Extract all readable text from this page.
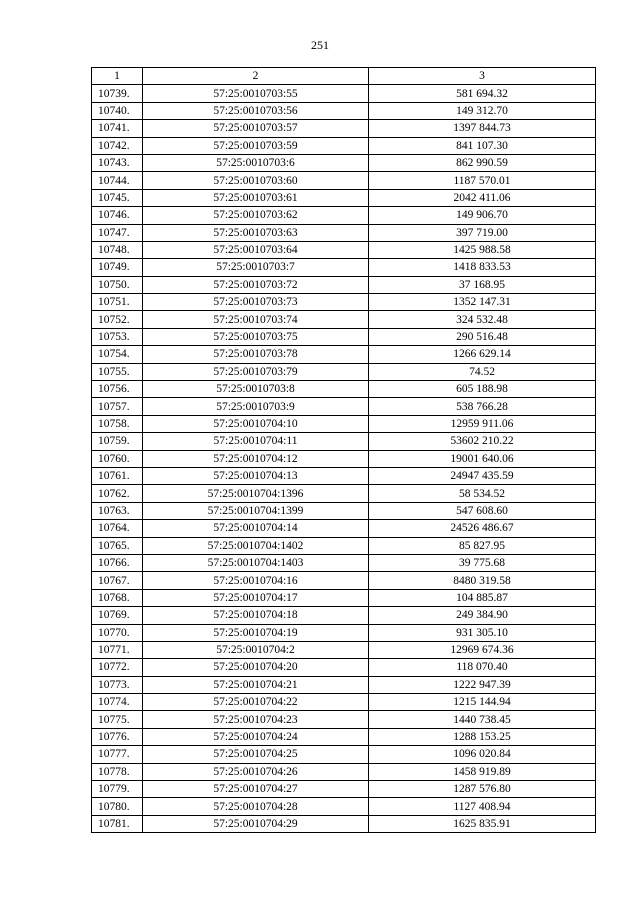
251
1	2	3
10739.	57:25:0010703:55	581 694.32
10740.	57:25:0010703:56	149 312.70
10741.	57:25:0010703:57	1397 844.73
10742.	57:25:0010703:59	841 107.30
10743.	57:25:0010703:6	862 990.59
10744.	57:25:0010703:60	1187 570.01
10745.	57:25:0010703:61	2042 411.06
10746.	57:25:0010703:62	149 906.70
10747.	57:25:0010703:63	397 719.00
10748.	57:25:0010703:64	1425 988.58
10749.	57:25:0010703:7	1418 833.53
10750.	57:25:0010703:72	37 168.95
10751.	57:25:0010703:73	1352 147.31
10752.	57:25:0010703:74	324 532.48
10753.	57:25:0010703:75	290 516.48
10754.	57:25:0010703:78	1266 629.14
10755.	57:25:0010703:79	74.52
10756.	57:25:0010703:8	605 188.98
10757.	57:25:0010703:9	538 766.28
10758.	57:25:0010704:10	12959 911.06
10759.	57:25:0010704:11	53602 210.22
10760.	57:25:0010704:12	19001 640.06
10761.	57:25:0010704:13	24947 435.59
10762.	57:25:0010704:1396	58 534.52
10763.	57:25:0010704:1399	547 608.60
10764.	57:25:0010704:14	24526 486.67
10765.	57:25:0010704:1402	85 827.95
10766.	57:25:0010704:1403	39 775.68
10767.	57:25:0010704:16	8480 319.58
10768.	57:25:0010704:17	104 885.87
10769.	57:25:0010704:18	249 384.90
10770.	57:25:0010704:19	931 305.10
10771.	57:25:0010704:2	12969 674.36
10772.	57:25:0010704:20	118 070.40
10773.	57:25:0010704:21	1222 947.39
10774.	57:25:0010704:22	1215 144.94
10775.	57:25:0010704:23	1440 738.45
10776.	57:25:0010704:24	1288 153.25
10777.	57:25:0010704:25	1096 020.84
10778.	57:25:0010704:26	1458 919.89
10779.	57:25:0010704:27	1287 576.80
10780.	57:25:0010704:28	1127 408.94
10781.	57:25:0010704:29	1625 835.91
